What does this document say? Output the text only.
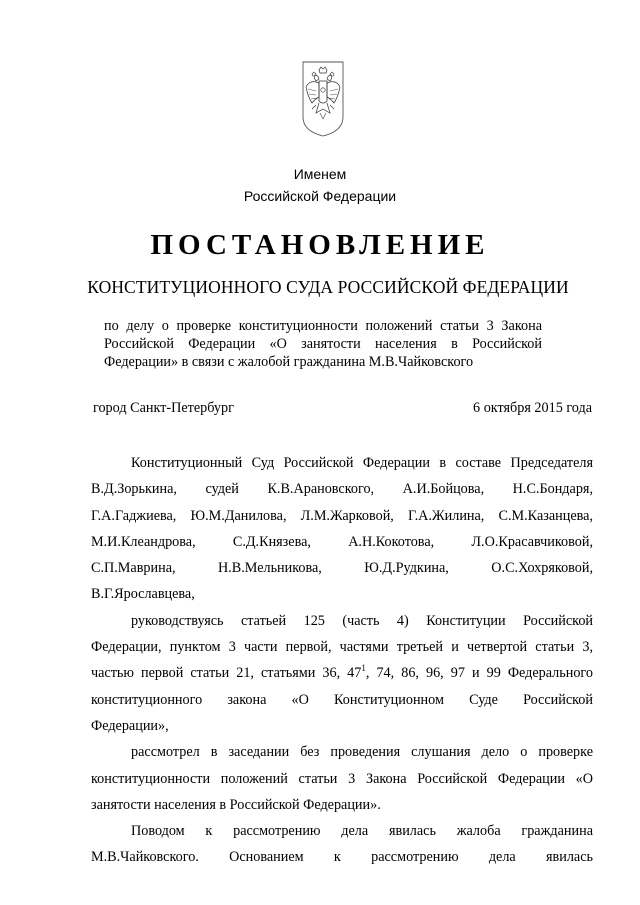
Именем
Российской Федерации
ПОСТАНОВЛЕНИЕ
КОНСТИТУЦИОННОГО СУДА РОССИЙСКОЙ ФЕДЕРАЦИИ
по делу о проверке конституционности положений статьи 3 Закона
Российской Федерации «О занятости населения в Российской
Федерации» в связи с жалобой гражданина М.В.Чайковского
город Санкт-Петербург	6 октября 2015 года
Конституционный Суд Российской Федерации в составе Председателя
В.Д.Зорькина, судей К.В.Арановского, А.И.Бойцова, Н.С.Бондаря,
Г.А.Гаджиева, Ю.М.Данилова, Л.М.Жарковой, Г.А.Жилина, С.М.Казанцева,
М.И.Клеандрова, С.Д.Князева, А.Н.Кокотова, Л.О.Красавчиковой,
С.П.Маврина, Н.В.Мельникова, Ю.Д.Рудкина, О.С.Хохряковой,
В.Г.Ярославцева,
руководствуясь статьей 125 (часть 4) Конституции Российской
Федерации, пунктом 3 части первой, частями третьей и четвертой статьи 3,
частью первой статьи 21, статьями 36, $47^1$, 74, 86, 96, 97 и 99 Федерального
конституционного закона «О Конституционном Суде Российской
Федерации»,
рассмотрел в заседании без проведения слушания дело о проверке
конституционности положений статьи 3 Закона Российской Федерации «О
занятости населения в Российской Федерации».
Поводом к рассмотрению дела явилась жалоба гражданина
М.В.Чайковского. Основанием к рассмотрению дела явилась
